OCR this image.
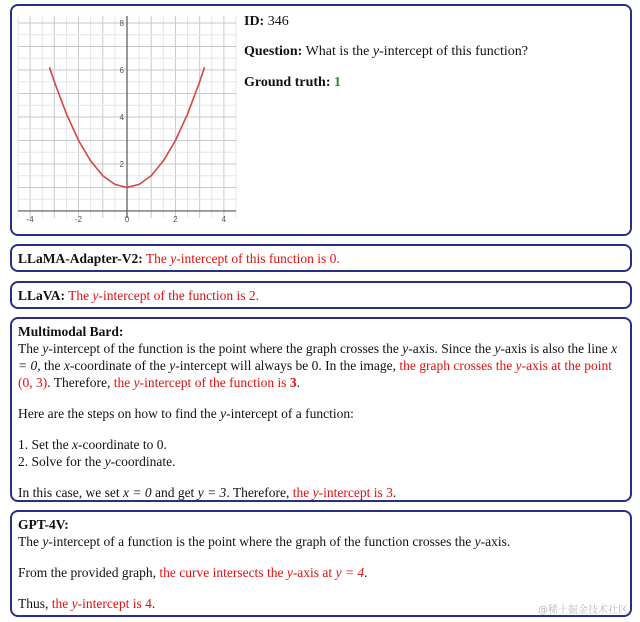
-4	-2	0	2	4
2
4
6
8	ID: 346
Question: What is the y-intercept of this function?
Ground truth: 1
LLaMA-Adapter-V2: The y-intercept of this function is 0.
LLaVA: The y-intercept of the function is 2.
Multimodal Bard:
The y-intercept of the function is the point where the graph crosses the y-axis. Since the y-axis is also the line x = 0, the x-coordinate of the y-intercept will always be 0. In the image, the graph crosses the y-axis at the point (0, 3). Therefore, the y-intercept of the function is 3.
Here are the steps on how to find the y-intercept of a function:
1. Set the x-coordinate to 0.
2. Solve for the y-coordinate.
In this case, we set x = 0 and get y = 3. Therefore, the y-intercept is 3.
GPT-4V:
The y-intercept of a function is the point where the graph of the function crosses the y-axis.
From the provided graph, the curve intersects the y-axis at y = 4.
Thus, the y-intercept is 4.	@稀土掘金技术社区
